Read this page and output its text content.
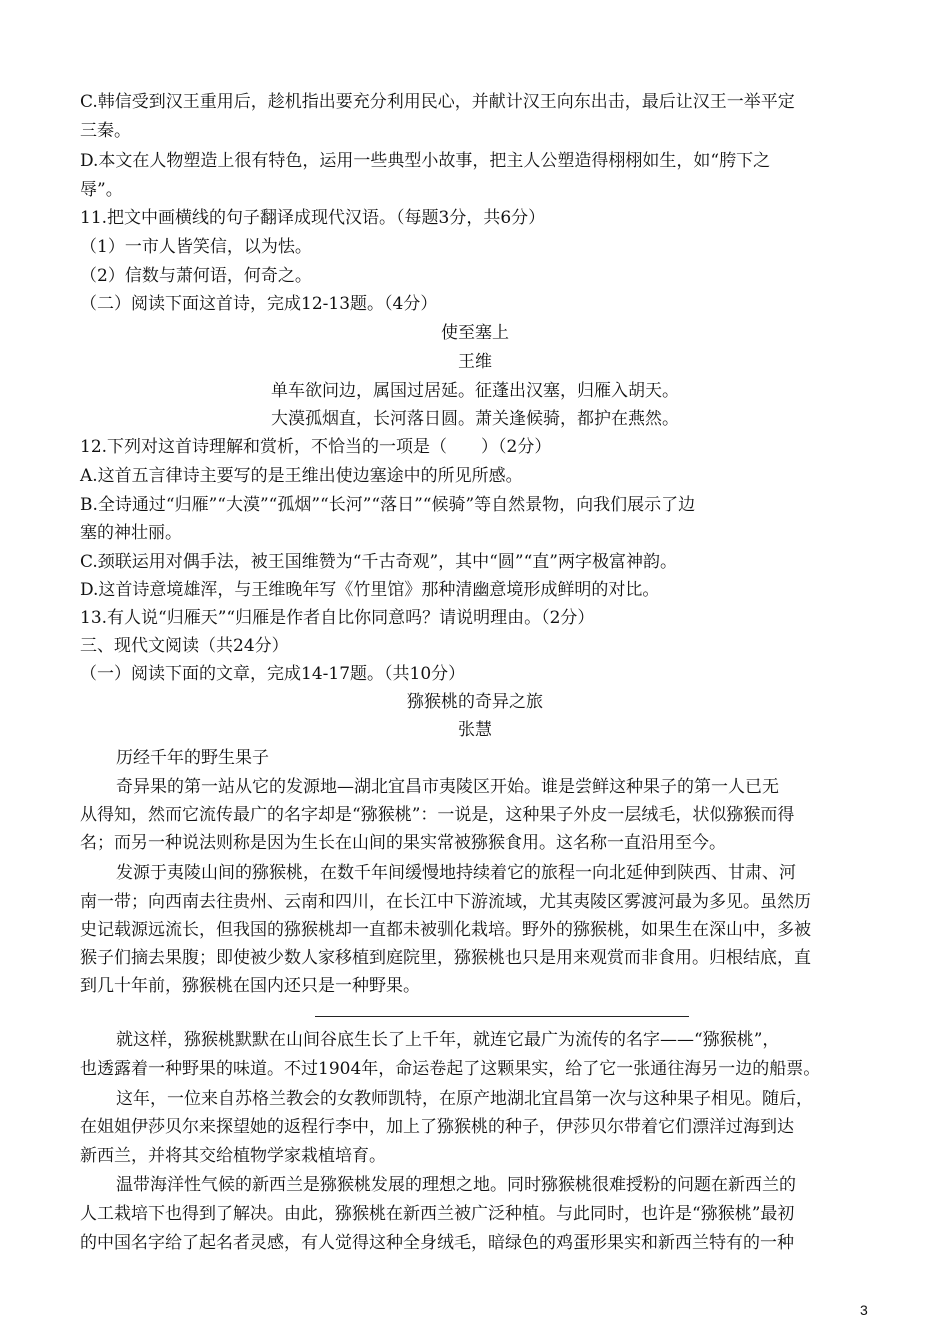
C.韩信受到汉王重用后，趁机指出要充分利用民心，并献计汉王向东出击，最后让汉王一举平定
三秦。
D.本文在人物塑造上很有特色，运用一些典型小故事，把主人公塑造得栩栩如生，如“胯下之
辱”。
11.把文中画横线的句子翻译成现代汉语。（每题3分，共6分）
（1）一市人皆笑信，以为怯。
（2）信数与萧何语，何奇之。
（二）阅读下面这首诗，完成12-13题。（4分）
使至塞上
王维
单车欲问边，属国过居延。征蓬出汉塞，归雁入胡天。
大漠孤烟直，长河落日圆。萧关逢候骑，都护在燕然。
12.下列对这首诗理解和赏析，不恰当的一项是（　　）（2分）
A.这首五言律诗主要写的是王维出使边塞途中的所见所感。
B.全诗通过“归雁”“大漠”“孤烟”“长河”“落日”“候骑”等自然景物，向我们展示了边
塞的神壮丽。
C.颈联运用对偶手法，被王国维赞为“千古奇观”，其中“圆”“直”两字极富神韵。
D.这首诗意境雄浑，与王维晚年写《竹里馆》那种清幽意境形成鲜明的对比。
13.有人说“归雁天”“归雁是作者自比你同意吗？请说明理由。（2分）
三、现代文阅读（共24分）
（一）阅读下面的文章，完成14-17题。（共10分）
猕猴桃的奇异之旅
张慧
历经千年的野生果子
奇异果的第一站从它的发源地—湖北宜昌市夷陵区开始。谁是尝鲜这种果子的第一人已无
从得知，然而它流传最广的名字却是“猕猴桃”：一说是，这种果子外皮一层绒毛，状似猕猴而得
名；而另一种说法则称是因为生长在山间的果实常被猕猴食用。这名称一直沿用至今。
发源于夷陵山间的猕猴桃，在数千年间缓慢地持续着它的旅程一向北延伸到陕西、甘肃、河
南一带；向西南去往贵州、云南和四川，在长江中下游流域，尤其夷陵区雾渡河最为多见。虽然历
史记载源远流长，但我国的猕猴桃却一直都未被驯化栽培。野外的猕猴桃，如果生在深山中，多被
猴子们摘去果腹；即使被少数人家移植到庭院里，猕猴桃也只是用来观赏而非食用。归根结底，直
到几十年前，猕猴桃在国内还只是一种野果。
就这样，猕猴桃默默在山间谷底生长了上千年，就连它最广为流传的名字——“猕猴桃”，
也透露着一种野果的味道。不过1904年，命运卷起了这颗果实，给了它一张通往海另一边的船票。
这年，一位来自苏格兰教会的女教师凯特，在原产地湖北宜昌第一次与这种果子相见。随后，
在姐姐伊莎贝尔来探望她的返程行李中，加上了猕猴桃的种子，伊莎贝尔带着它们漂洋过海到达
新西兰，并将其交给植物学家栽植培育。
温带海洋性气候的新西兰是猕猴桃发展的理想之地。同时猕猴桃很难授粉的问题在新西兰的
人工栽培下也得到了解决。由此，猕猴桃在新西兰被广泛种植。与此同时，也许是“猕猴桃”最初
的中国名字给了起名者灵感，有人觉得这种全身绒毛，暗绿色的鸡蛋形果实和新西兰特有的一种
3
